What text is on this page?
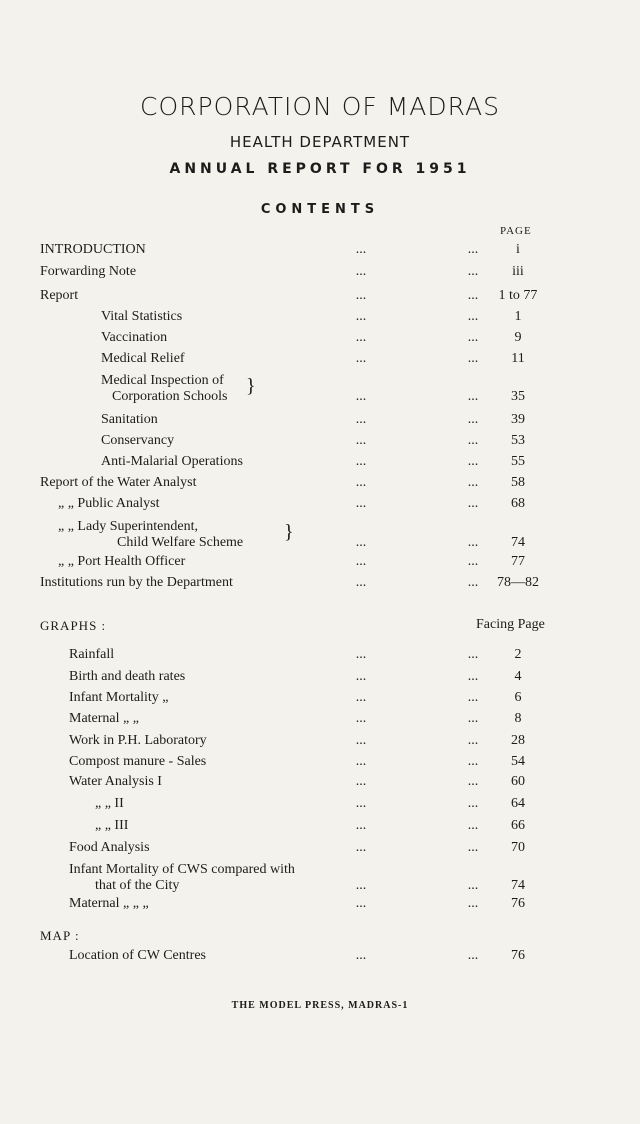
CORPORATION OF MADRAS
HEALTH DEPARTMENT
ANNUAL REPORT FOR 1951
CONTENTS
PAGE
INTRODUCTION	...	...	i
Forwarding Note	...	...	iii
Report	...	...	1 to 77
Vital Statistics	...	...	1
Vaccination	...	...	9
Medical Relief	...	...	11
Medical Inspection of
Corporation Schools }	...	...	35
Sanitation	...	...	39
Conservancy	...	...	53
Anti-Malarial Operations	...	...	55
Report of the Water Analyst	...	...	58
„ „ Public Analyst	...	...	68
„ „ Lady Superintendent,
Child Welfare Scheme }	...	...	74
„ „ Port Health Officer	...	...	77
Institutions run by the Department	...	...	78—82
GRAPHS :	Facing Page
Rainfall	...	...	2
Birth and death rates	...	...	4
Infant Mortality „	...	...	6
Maternal „ „	...	...	8
Work in P.H. Laboratory	...	...	28
Compost manure - Sales	...	...	54
Water Analysis I	...	...	60
„ „ II	...	...	64
„ „ III	...	...	66
Food Analysis	...	...	70
Infant Mortality of CWS compared with
that of the City	...	...	74
Maternal „ „ „	...	...	76
MAP :
Location of CW Centres	...	...	76
THE MODEL PRESS, MADRAS-1
